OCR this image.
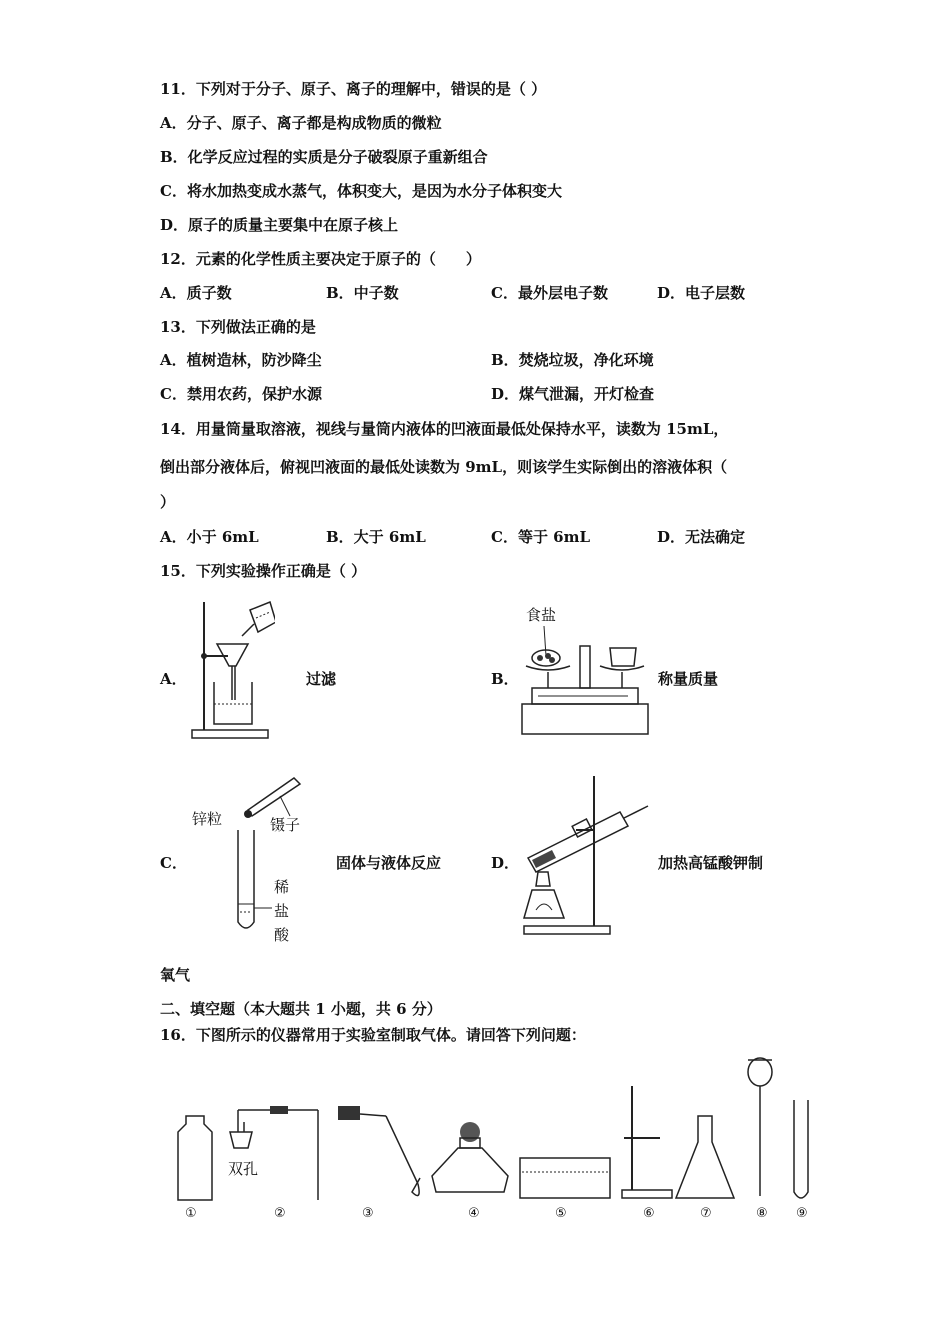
11．下列对于分子、原子、离子的理解中，错误的是（ ）
A．分子、原子、离子都是构成物质的微粒
B．化学反应过程的实质是分子破裂原子重新组合
C．将水加热变成水蒸气，体积变大，是因为水分子体积变大
D．原子的质量主要集中在原子核上
12．元素的化学性质主要决定于原子的（　　）
A．质子数	B．中子数	C．最外层电子数	D．电子层数
13．下列做法正确的是
A．植树造林，防沙降尘	B．焚烧垃圾，净化环境
C．禁用农药，保护水源	D．煤气泄漏，开灯检查
14．用量筒量取溶液，视线与量筒内液体的凹液面最低处保持水平，读数为 15mL，
倒出部分液体后，俯视凹液面的最低处读数为 9mL，则该学生实际倒出的溶液体积（
）
A．小于 6mL	B．大于 6mL	C．等于 6mL	D．无法确定
15．下列实验操作正确是（ ）
A．	过滤	B．
食盐
称量质量
C．
锌粒	镊子
稀
盐
酸
固体与液体反应	D．	加热高锰酸钾制
氧气
二、填空题（本大题共 1 小题，共 6 分）
16．下图所示的仪器常用于实验室制取气体。请回答下列问题：
双孔
①	②	③	④	⑤	⑥	⑦	⑧ ⑨
